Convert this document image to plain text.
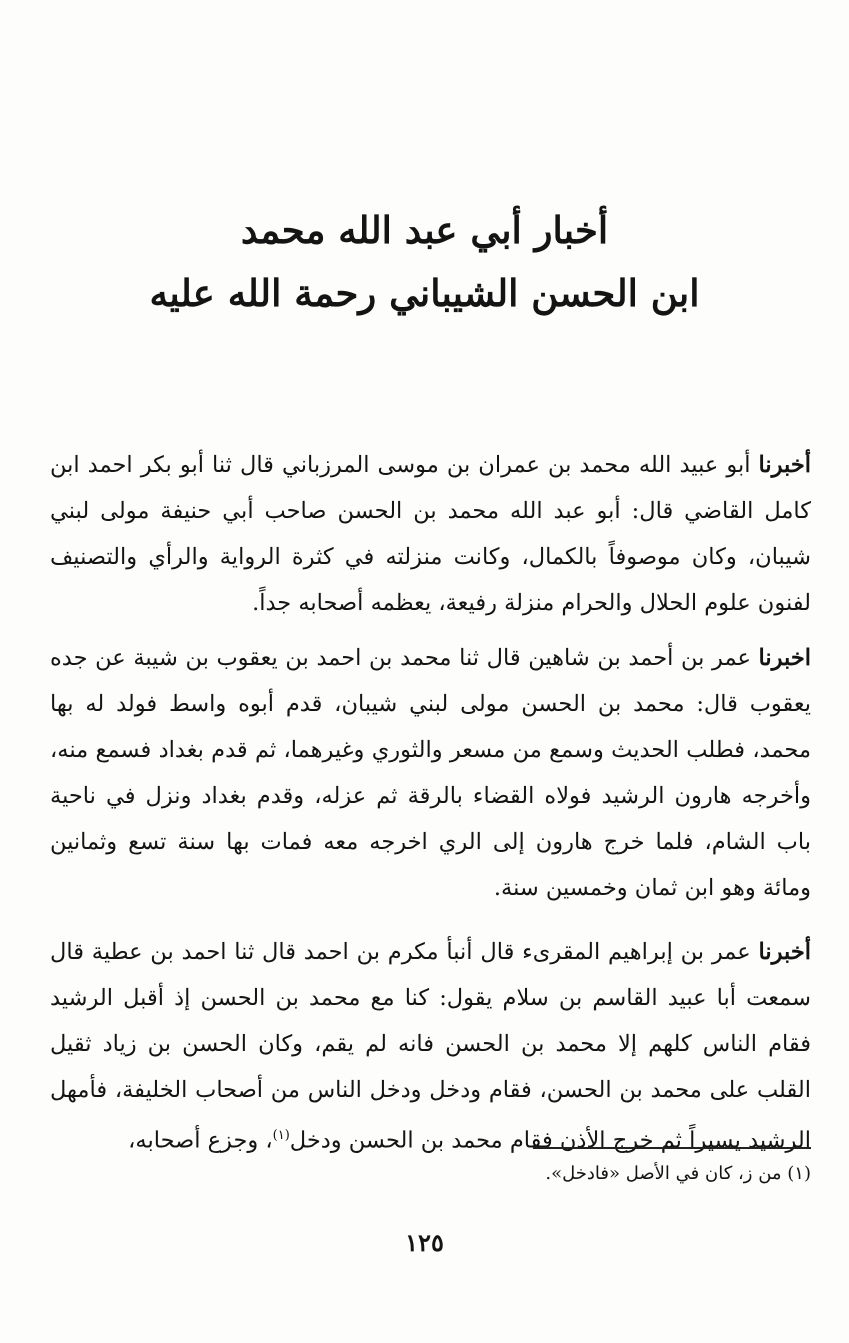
أخبار أبي عبد الله محمد
ابن الحسن الشيباني رحمة الله عليه

أخبرنا أبو عبيد الله محمد بن عمران بن موسى المرزباني قال ثنا أبو بكر احمد ابن كامل القاضي قال: أبو عبد الله محمد بن الحسن صاحب أبي حنيفة مولى لبني شيبان، وكان موصوفاً بالكمال، وكانت منزلته في كثرة الرواية والرأي والتصنيف لفنون علوم الحلال والحرام منزلة رفيعة، يعظمه أصحابه جداً.

اخبرنا عمر بن أحمد بن شاهين قال ثنا محمد بن احمد بن يعقوب بن شيبة عن جده يعقوب قال: محمد بن الحسن مولى لبني شيبان، قدم أبوه واسط فولد له بها محمد، فطلب الحديث وسمع من مسعر والثوري وغيرهما، ثم قدم بغداد فسمع منه، وأخرجه هارون الرشيد فولاه القضاء بالرقة ثم عزله، وقدم بغداد ونزل في ناحية باب الشام، فلما خرج هارون إلى الري اخرجه معه فمات بها سنة تسع وثمانين ومائة وهو ابن ثمان وخمسين سنة.

أخبرنا عمر بن إبراهيم المقرىء قال أنبأ مكرم بن احمد قال ثنا احمد بن عطية قال سمعت أبا عبيد القاسم بن سلام يقول: كنا مع محمد بن الحسن إذ أقبل الرشيد فقام الناس كلهم إلا محمد بن الحسن فانه لم يقم، وكان الحسن بن زياد ثقيل القلب على محمد بن الحسن، فقام ودخل ودخل الناس من أصحاب الخليفة، فأمهل الرشيد يسيراً ثم خرج الأذن فقام محمد بن الحسن ودخل$^{(١)}$، وجزع أصحابه،

(١) من ز، كان في الأصل «فادخل».
١٢٥
